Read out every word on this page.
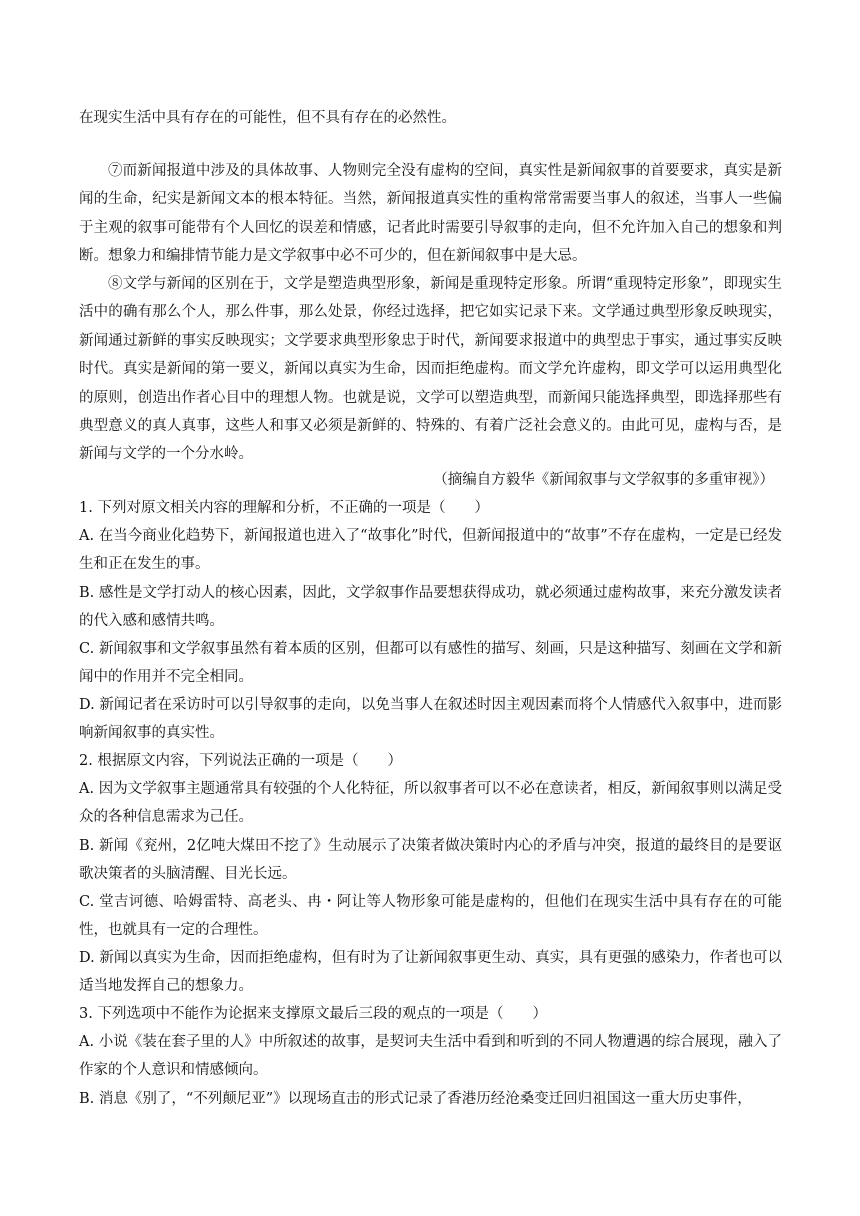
在现实生活中具有存在的可能性，但不具有存在的必然性。

⑦而新闻报道中涉及的具体故事、人物则完全没有虚构的空间，真实性是新闻叙事的首要要求，真实是新闻的生命，纪实是新闻文本的根本特征。当然，新闻报道真实性的重构常常需要当事人的叙述，当事人一些偏于主观的叙事可能带有个人回忆的误差和情感，记者此时需要引导叙事的走向，但不允许加入自己的想象和判断。想象力和编排情节能力是文学叙事中必不可少的，但在新闻叙事中是大忌。

⑧文学与新闻的区别在于，文学是塑造典型形象，新闻是重现特定形象。所谓“重现特定形象”，即现实生活中的确有那么个人，那么件事，那么处景，你经过选择，把它如实记录下来。文学通过典型形象反映现实，新闻通过新鲜的事实反映现实；文学要求典型形象忠于时代，新闻要求报道中的典型忠于事实，通过事实反映时代。真实是新闻的第一要义，新闻以真实为生命，因而拒绝虚构。而文学允许虚构，即文学可以运用典型化的原则，创造出作者心目中的理想人物。也就是说，文学可以塑造典型，而新闻只能选择典型，即选择那些有典型意义的真人真事，这些人和事又必须是新鲜的、特殊的、有着广泛社会意义的。由此可见，虚构与否，是新闻与文学的一个分水岭。

（摘编自方毅华《新闻叙事与文学叙事的多重审视》）
1. 下列对原文相关内容的理解和分析，不正确的一项是（　　）

A. 在当今商业化趋势下，新闻报道也进入了“故事化”时代，但新闻报道中的“故事”不存在虚构，一定是已经发生和正在发生的事。

B. 感性是文学打动人的核心因素，因此，文学叙事作品要想获得成功，就必须通过虚构故事，来充分激发读者的代入感和感情共鸣。

C. 新闻叙事和文学叙事虽然有着本质的区别，但都可以有感性的描写、刻画，只是这种描写、刻画在文学和新闻中的作用并不完全相同。

D. 新闻记者在采访时可以引导叙事的走向，以免当事人在叙述时因主观因素而将个人情感代入叙事中，进而影响新闻叙事的真实性。

2. 根据原文内容，下列说法正确的一项是（　　）

A. 因为文学叙事主题通常具有较强的个人化特征，所以叙事者可以不必在意读者，相反，新闻叙事则以满足受众的各种信息需求为己任。

B. 新闻《兖州，2亿吨大煤田不挖了》生动展示了决策者做决策时内心的矛盾与冲突，报道的最终目的是要讴歌决策者的头脑清醒、目光长远。

C. 堂吉诃德、哈姆雷特、高老头、冉・阿让等人物形象可能是虚构的，但他们在现实生活中具有存在的可能性，也就具有一定的合理性。

D. 新闻以真实为生命，因而拒绝虚构，但有时为了让新闻叙事更生动、真实，具有更强的感染力，作者也可以适当地发挥自己的想象力。

3. 下列选项中不能作为论据来支撑原文最后三段的观点的一项是（　　）

A. 小说《装在套子里的人》中所叙述的故事，是契诃夫生活中看到和听到的不同人物遭遇的综合展现，融入了作家的个人意识和情感倾向。

B. 消息《别了，“不列颠尼亚”》以现场直击的形式记录了香港历经沧桑变迁回归祖国这一重大历史事件，
